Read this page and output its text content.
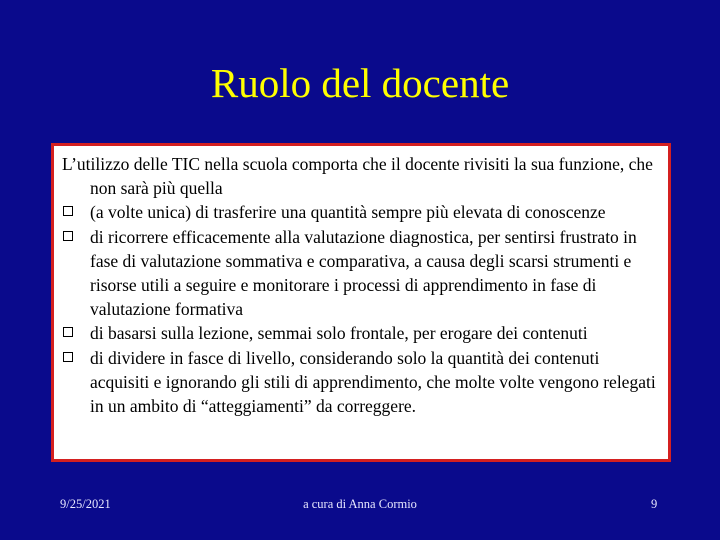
Ruolo del docente

L’utilizzo delle TIC nella scuola comporta che il docente rivisiti la sua funzione, che non sarà più quella

(a volte unica) di trasferire una quantità sempre più elevata di conoscenze
di ricorrere efficacemente alla valutazione diagnostica, per sentirsi frustrato in fase di valutazione sommativa e comparativa, a causa degli scarsi strumenti e risorse utili a seguire e monitorare i processi di apprendimento in fase di valutazione formativa
di basarsi sulla lezione, semmai solo frontale, per erogare dei contenuti
di dividere in fasce di livello, considerando solo la quantità dei contenuti acquisiti e ignorando gli stili di apprendimento, che molte volte vengono relegati in un ambito di “atteggiamenti” da correggere.
9/25/2021	a cura di Anna Cormio	9
